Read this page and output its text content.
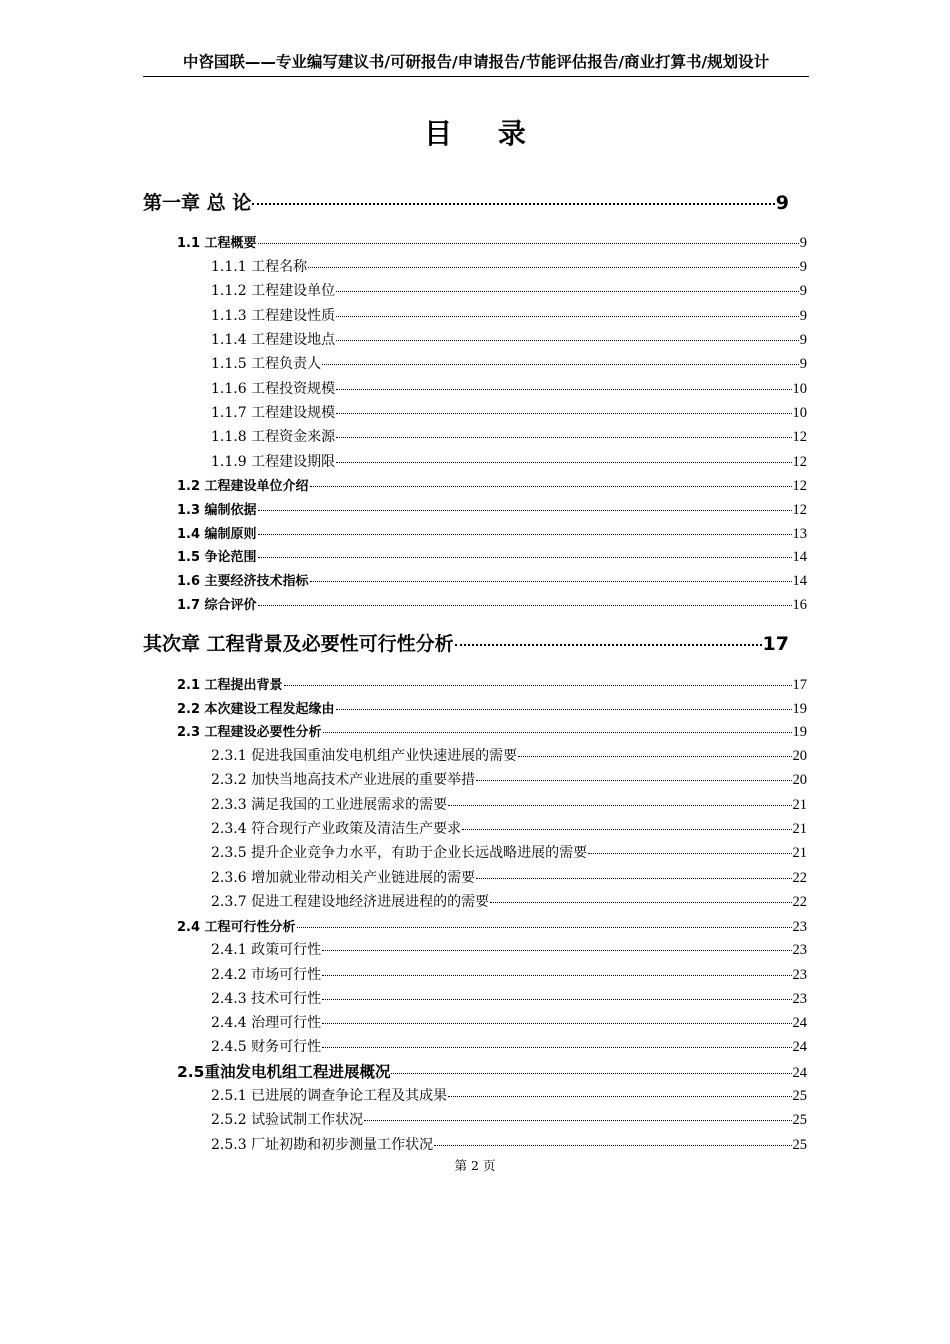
中咨国联——专业编写建议书/可研报告/申请报告/节能评估报告/商业打算书/规划设计
目 录
第一章 总 论	9
1.1 工程概要	9
1.1.1 工程名称	9
1.1.2 工程建设单位	9
1.1.3 工程建设性质	9
1.1.4 工程建设地点	9
1.1.5 工程负责人	9
1.1.6 工程投资规模	10
1.1.7 工程建设规模	10
1.1.8 工程资金来源	12
1.1.9 工程建设期限	12
1.2 工程建设单位介绍	12
1.3 编制依据	12
1.4 编制原则	13
1.5 争论范围	14
1.6 主要经济技术指标	14
1.7 综合评价	16
其次章 工程背景及必要性可行性分析	17
2.1 工程提出背景	17
2.2 本次建设工程发起缘由	19
2.3 工程建设必要性分析	19
2.3.1 促进我国重油发电机组产业快速进展的需要	20
2.3.2 加快当地高技术产业进展的重要举措	20
2.3.3 满足我国的工业进展需求的需要	21
2.3.4 符合现行产业政策及清洁生产要求	21
2.3.5 提升企业竞争力水平，有助于企业长远战略进展的需要	21
2.3.6 增加就业带动相关产业链进展的需要	22
2.3.7 促进工程建设地经济进展进程的的需要	22
2.4 工程可行性分析	23
2.4.1 政策可行性	23
2.4.2 市场可行性	23
2.4.3 技术可行性	23
2.4.4 治理可行性	24
2.4.5 财务可行性	24
2.5重油发电机组工程进展概况	24
2.5.1 已进展的调查争论工程及其成果	25
2.5.2 试验试制工作状况	25
2.5.3 厂址初勘和初步测量工作状况	25
第 2 页
